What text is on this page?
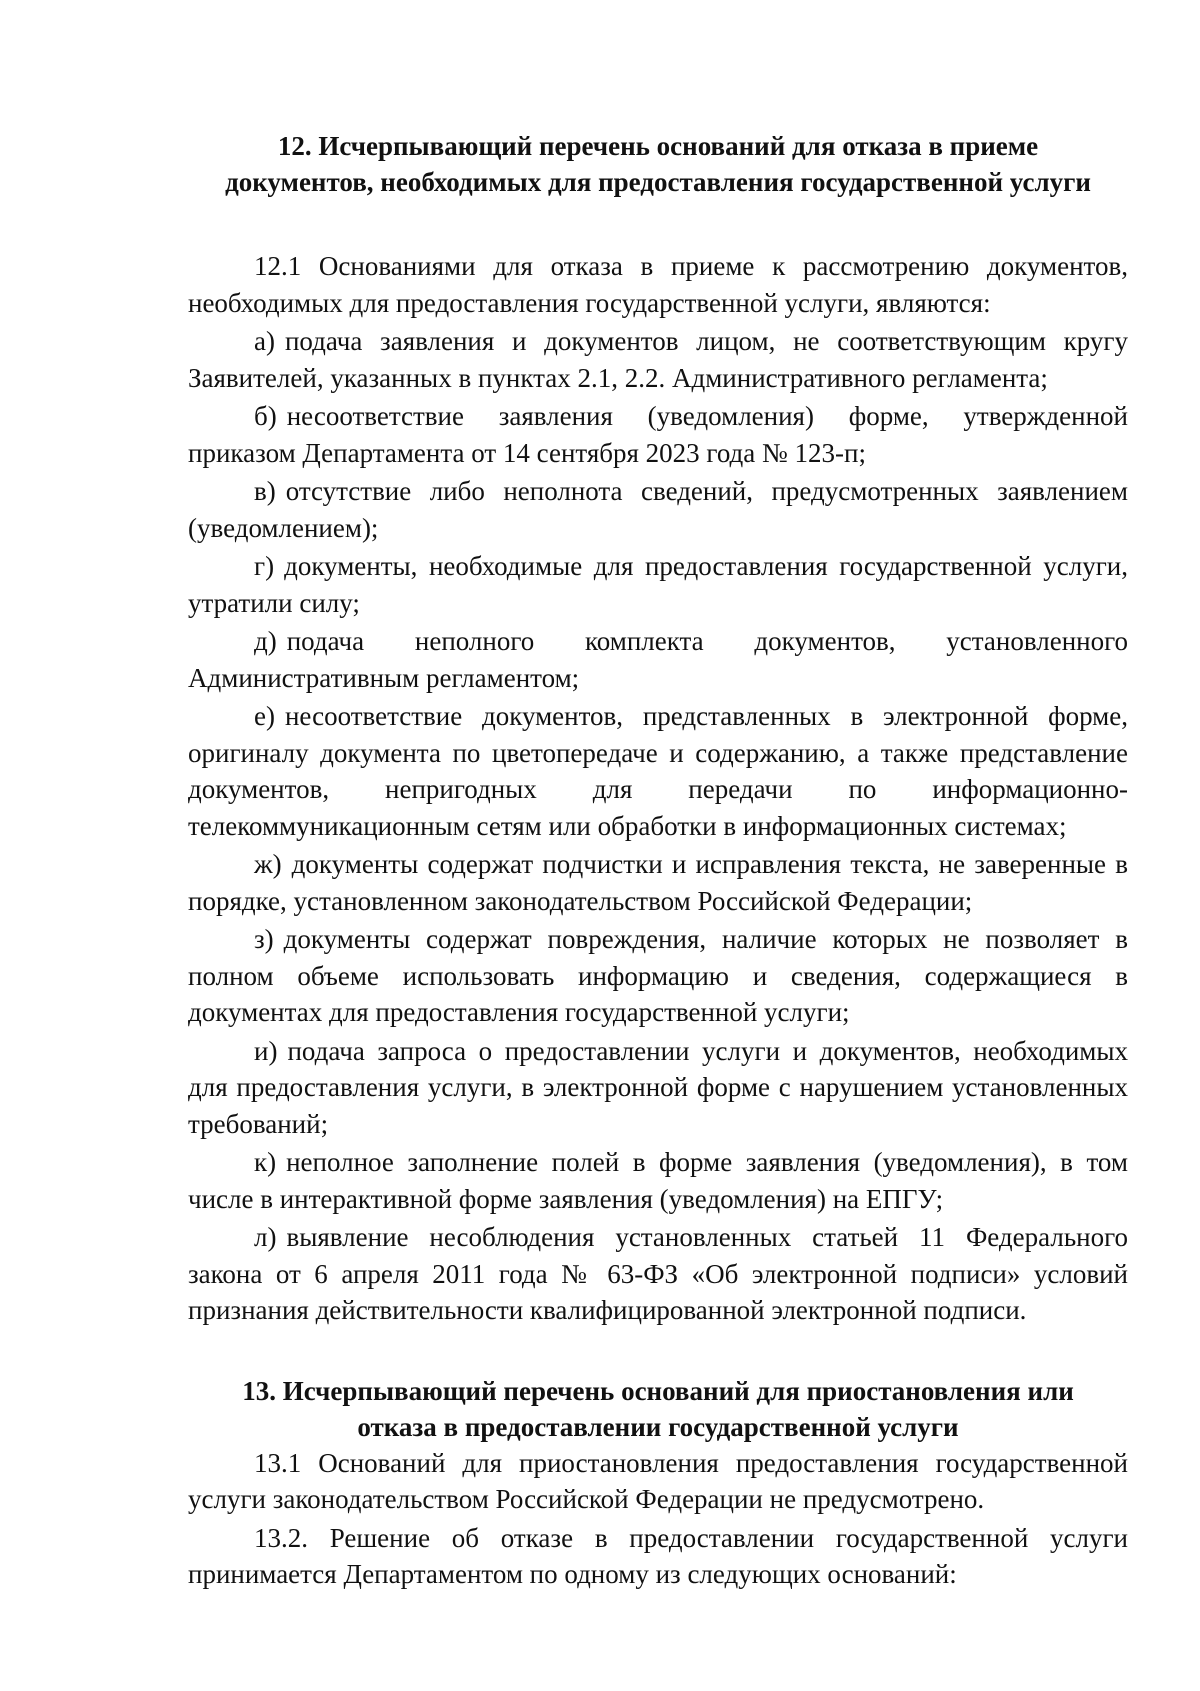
12. Исчерпывающий перечень оснований для отказа в приеме
документов, необходимых для предоставления государственной услуги

12.1 Основаниями для отказа в приеме к рассмотрению документов, необходимых для предоставления государственной услуги, являются:

а) подача заявления и документов лицом, не соответствующим кругу Заявителей, указанных в пунктах 2.1, 2.2. Административного регламента;

б) несоответствие заявления (уведомления) форме, утвержденной приказом Департамента от 14 сентября 2023 года № 123-п;

в) отсутствие либо неполнота сведений, предусмотренных заявлением (уведомлением);

г) документы, необходимые для предоставления государственной услуги, утратили силу;

д) подача неполного комплекта документов, установленного Административным регламентом;

е) несоответствие документов, представленных в электронной форме, оригиналу документа по цветопередаче и содержанию, а также представление документов, непригодных для передачи по информационно-телекоммуникационным сетям или обработки в информационных системах;

ж) документы содержат подчистки и исправления текста, не заверенные в порядке, установленном законодательством Российской Федерации;

з) документы содержат повреждения, наличие которых не позволяет в полном объеме использовать информацию и сведения, содержащиеся в документах для предоставления государственной услуги;

и) подача запроса о предоставлении услуги и документов, необходимых для предоставления услуги, в электронной форме с нарушением установленных требований;

к) неполное заполнение полей в форме заявления (уведомления), в том числе в интерактивной форме заявления (уведомления) на ЕПГУ;

л) выявление несоблюдения установленных статьей 11 Федерального закона от 6 апреля 2011 года № 63-ФЗ «Об электронной подписи» условий признания действительности квалифицированной электронной подписи.

13. Исчерпывающий перечень оснований для приостановления или
отказа в предоставлении государственной услуги

13.1 Оснований для приостановления предоставления государственной услуги законодательством Российской Федерации не предусмотрено.

13.2. Решение об отказе в предоставлении государственной услуги принимается Департаментом по одному из следующих оснований:
